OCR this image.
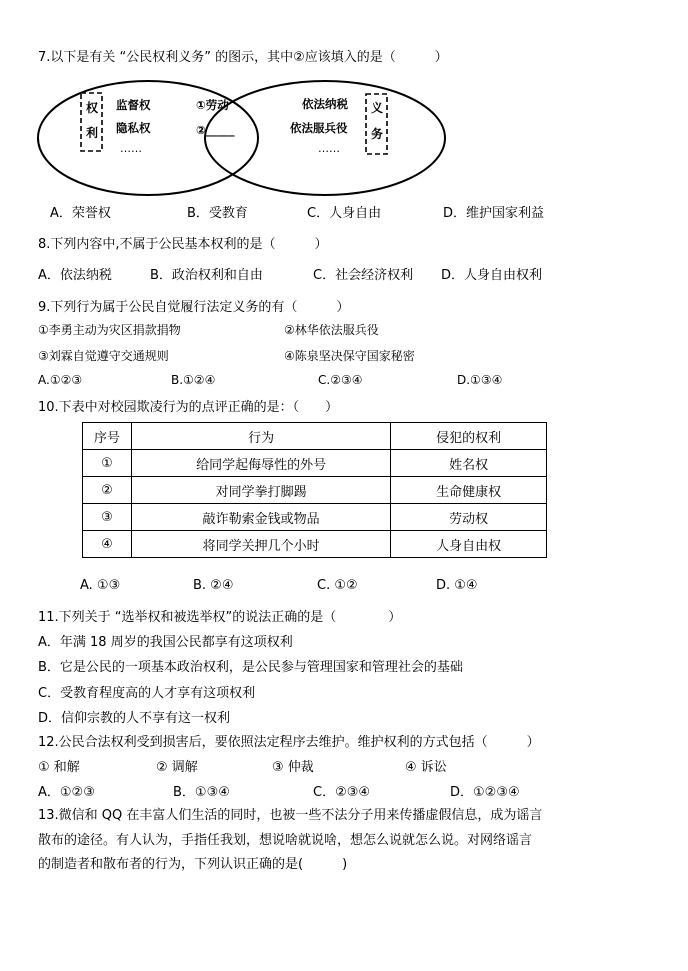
7.以下是有关 “公民权利义务” 的图示，其中②应该填入的是（　　　）
权
利
监督权
隐私权
……
①劳动
②_____
依法纳税
依法服兵役
……
义
务
A．荣誉权	B．受教育	C．人身自由	D．维护国家利益
8.下列内容中,不属于公民基本权利的是（　　　）
A．依法纳税	B．政治权利和自由	C．社会经济权利 D．人身自由权利
9.下列行为属于公民自觉履行法定义务的有（　　　）
①李勇主动为灾区捐款捐物	②林华依法服兵役
③刘霖自觉遵守交通规则	④陈泉坚决保守国家秘密
A.①②③	B.①②④	C.②③④	D.①③④
10.下表中对校园欺凌行为的点评正确的是：（　　）
序号	行为	侵犯的权利
①	给同学起侮辱性的外号	姓名权
②	对同学拳打脚踢	生命健康权
③	敲诈勒索金钱或物品	劳动权
④	将同学关押几个小时	人身自由权
A. ①③	B. ②④	C. ①②	D. ①④
11.下列关于 “选举权和被选举权”的说法正确的是（　　　　）
A．年满 18 周岁的我国公民都享有这项权利
B．它是公民的一项基本政治权利，是公民参与管理国家和管理社会的基础
C．受教育程度高的人才享有这项权利
D．信仰宗教的人不享有这一权利
12.公民合法权利受到损害后，要依照法定程序去维护。维护权利的方式包括（　　　）
① 和解	② 调解	③ 仲裁	④ 诉讼
A．①②③	B．①③④	C．②③④	D．①②③④
13.微信和 QQ 在丰富人们生活的同时，也被一些不法分子用来传播虚假信息，成为谣言
散布的途径。有人认为，手指任我划，想说啥就说啥，想怎么说就怎么说。对网络谣言
的制造者和散布者的行为，下列认识正确的是(　　　)
